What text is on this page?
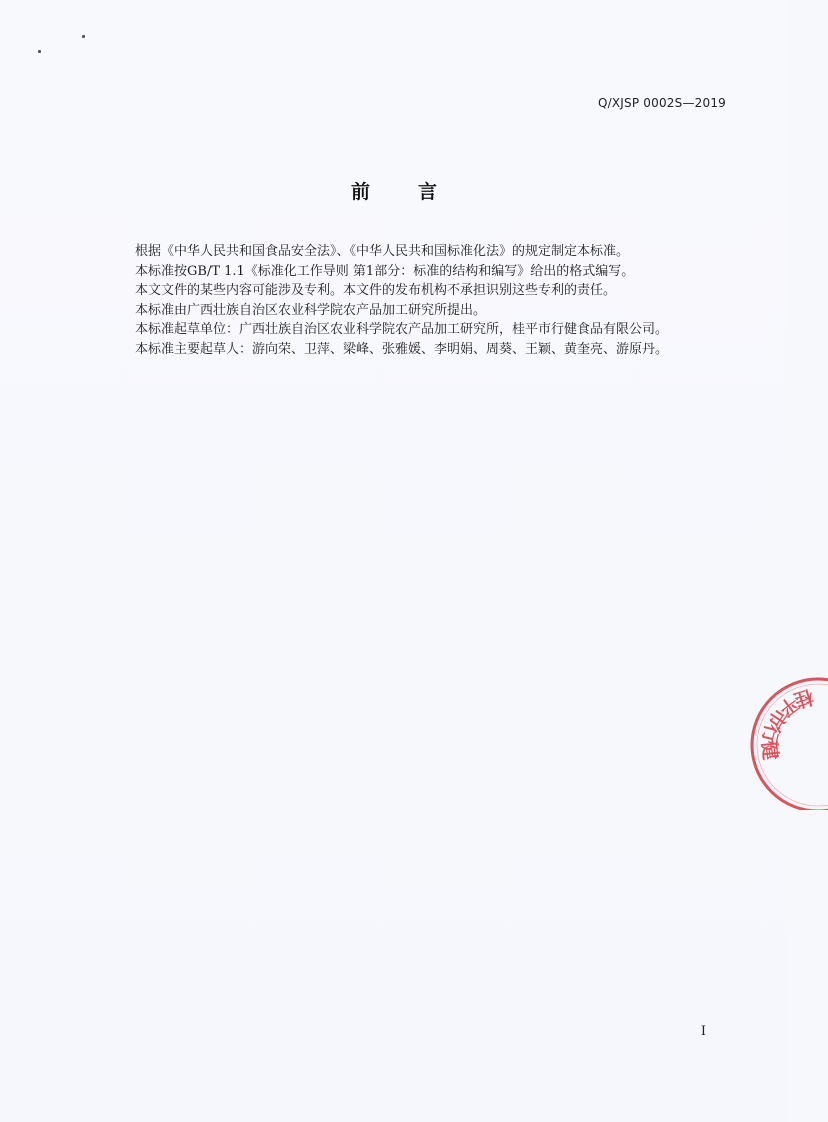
Q/XJSP 0002S—2019
前	言

根据《中华人民共和国食品安全法》、《中华人民共和国标准化法》的规定制定本标准。

本标准按GB/T 1.1《标准化工作导则 第1部分：标准的结构和编写》给出的格式编写。

本文文件的某些内容可能涉及专利。本文件的发布机构不承担识别这些专利的责任。

本标准由广西壮族自治区农业科学院农产品加工研究所提出。

本标准起草单位：广西壮族自治区农业科学院农产品加工研究所，桂平市行健食品有限公司。

本标准主要起草人：游向荣、卫萍、梁峰、张雅媛、李明娟、周葵、王颖、黄奎亮、游原丹。

桂平市行健
I
